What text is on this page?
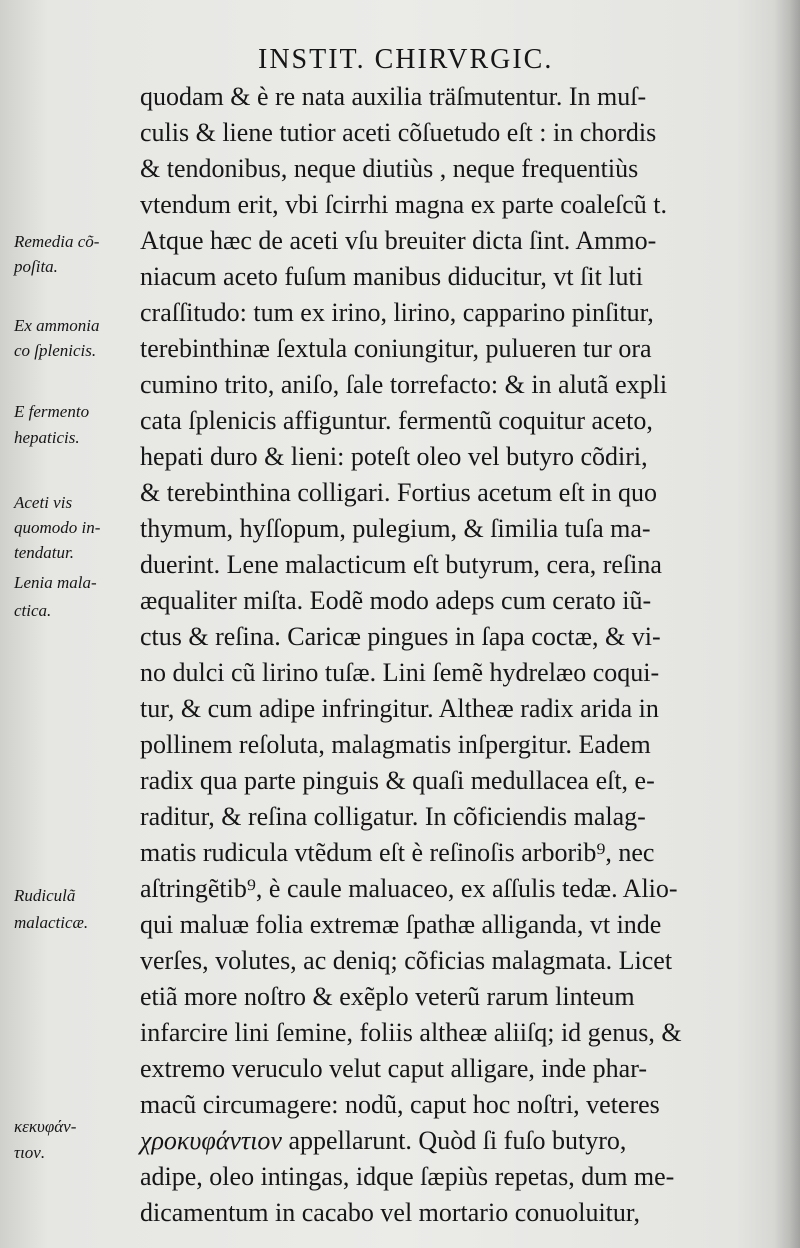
INSTIT. CHIRVRGIC.
quodam & è re nata auxilia träſmutentur. In muſ-
culis & liene tutior aceti cõſuetudo eſt : in chordis
& tendonibus, neque diutiùs , neque frequentiùs
vtendum erit, vbi ſcirrhi magna ex parte coaleſcũ t.
Atque hæc de aceti vſu breuiter dicta ſint. Ammo-
niacum aceto fuſum manibus diducitur, vt ſit luti
craſſitudo: tum ex irino, lirino, capparino pinſitur,
terebinthinæ ſextula coniungitur, pulueren tur ora
cumino trito, aniſo, ſale torrefacto: & in alutã expli
cata ſplenicis affiguntur. fermentũ coquitur aceto,
hepati duro & lieni: poteſt oleo vel butyro cõdiri,
& terebinthina colligari. Fortius acetum eſt in quo
thymum, hyſſopum, pulegium, & ſimilia tuſa ma-
duerint. Lene malacticum eſt butyrum, cera, reſina
æqualiter miſta. Eodẽ modo adeps cum cerato iũ-
ctus & reſina. Caricæ pingues in ſapa coctæ, & vi-
no dulci cũ lirino tuſæ. Lini ſemẽ hydrelæo coqui-
tur, & cum adipe infringitur. Altheæ radix arida in
pollinem reſoluta, malagmatis inſpergitur. Eadem
radix qua parte pinguis & quaſi medullacea eſt, e-
raditur, & reſina colligatur. In cõficiendis malag-
matis rudicula vtẽdum eſt è reſinoſis arborib⁹, nec
aſtringẽtib⁹, è caule maluaceo, ex aſſulis tedæ. Alio-
qui maluæ folia extremæ ſpathæ alliganda, vt inde
verſes, volutes, ac deniq; cõficias malagmata. Licet
etiã more noſtro & exẽplo veterũ rarum linteum
infarcire lini ſemine, foliis altheæ aliiſq; id genus, &
extremo veruculo velut caput alligare, inde phar-
macũ circumagere: nodũ, caput hoc noſtri, veteres
χροκυφάντιον appellarunt. Quòd ſi fuſo butyro,
adipe, oleo intingas, idque ſæpiùs repetas, dum me-
dicamentum in cacabo vel mortario conuoluitur,
Remedia cõ-
poſita.
Ex ammonia
co ſplenicis.
E fermento
hepaticis.
Aceti vis
quomodo in-
tendatur.
Lenia mala-
ctica.
Rudiculã
malacticæ.
κεκυφάν-
τιον.
